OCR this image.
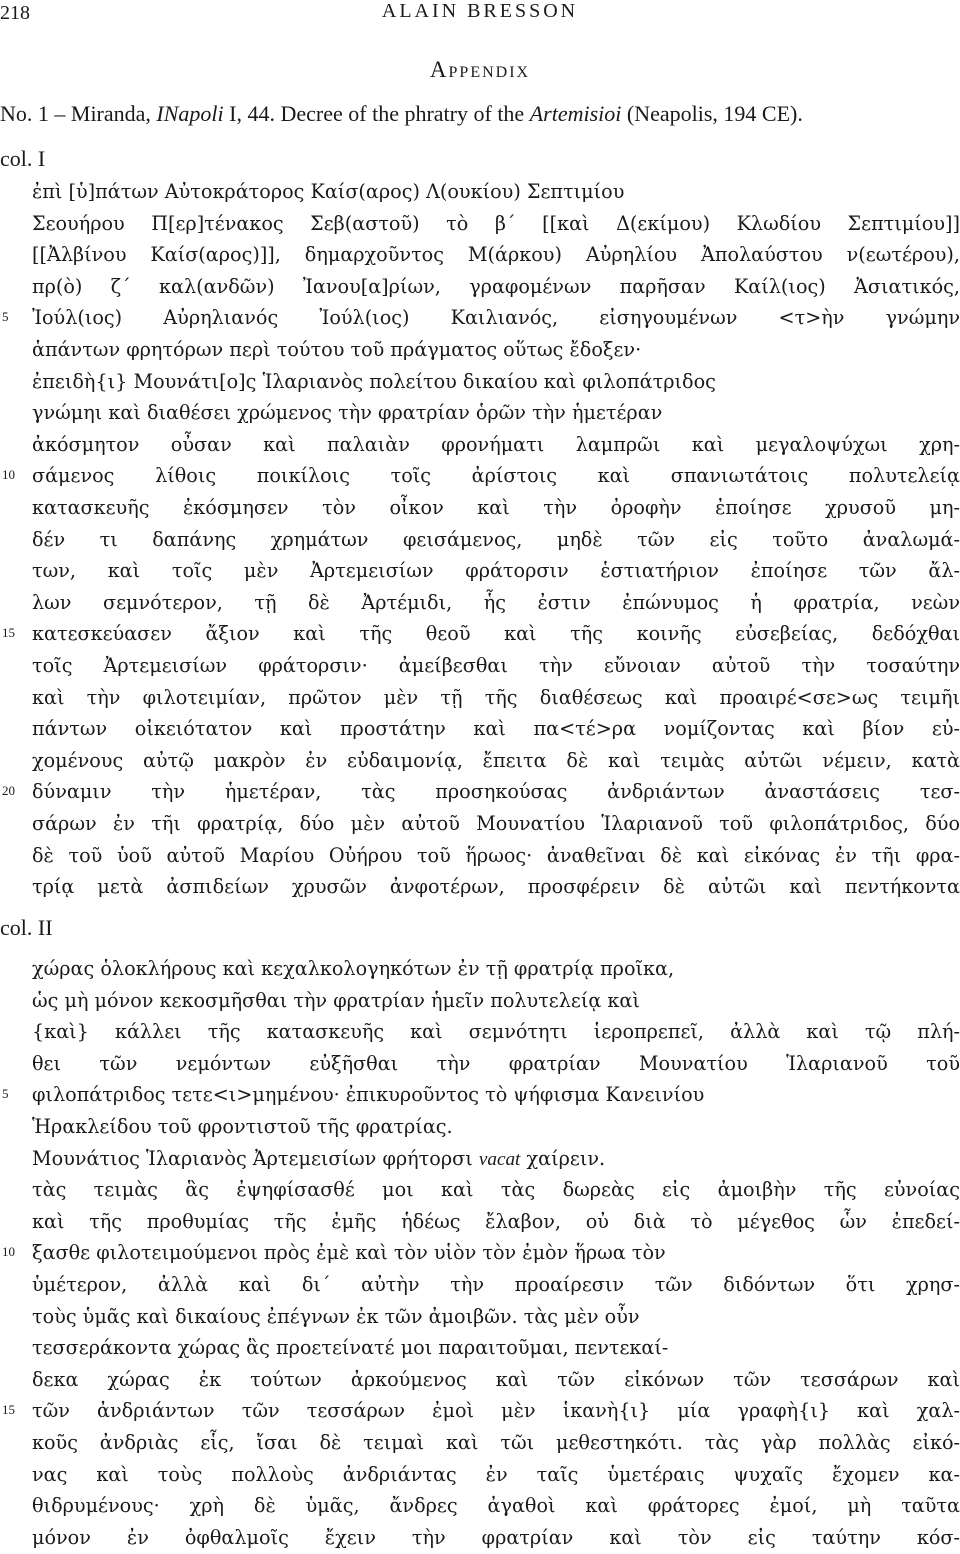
218	ALAIN BRESSON
Appendix
No. 1 – Miranda, INapoli I, 44. Decree of the phratry of the Artemisioi (Neapolis, 194 CE).
col. I
ἐπὶ [ὑ]πάτων Αὐτοκράτορος Καίσ(αρος) Λ(ουκίου) Σεπτιμίου
Σεουήρου Π[ερ]τένακος Σεβ(αστοῦ) τὸ β´ [[καὶ Δ(εκίμου) Κλωδίου Σεπτιμίου]]
[[Ἀλβίνου Καίσ(αρος)]], δημαρχοῦντος Μ(άρκου) Αὐρηλίου Ἀπολαύστου ν(εωτέρου),
πρ(ὸ) ζ´ καλ(ανδῶν) Ἰανου[α]ρίων, γραφομένων παρῆσαν Καίλ(ιος) Ἀσιατικός,
Ἰούλ(ιος) Αὐρηλιανός Ἰούλ(ιος) Καιλιανός, εἰσηγουμένων <τ>ὴν γνώμην
ἁπάντων φρητόρων περὶ τούτου τοῦ πράγματος οὕτως ἔδοξεν·
ἐπειδὴ{ι} Μουνάτι[ο]ς Ἱλαριανὸς πολείτου δικαίου καὶ φιλοπάτριδος
γνώμηι καὶ διαθέσει χρώμενος τὴν φρατρίαν ὁρῶν τὴν ἡμετέραν
ἀκόσμητον οὖσαν καὶ παλαιὰν φρονήματι λαμπρῶι καὶ μεγαλοψύχωι χρη-
σάμενος λίθοις ποικίλοις τοῖς ἀρίστοις καὶ σπανιωτάτοις πολυτελείᾳ
κατασκευῆς ἐκόσμησεν τὸν οἶκον καὶ τὴν ὀροφὴν ἐποίησε χρυσοῦ μη-
δέν τι δαπάνης χρημάτων φεισάμενος, μηδὲ τῶν εἰς τοῦτο ἀναλωμά-
των, καὶ τοῖς μὲν Ἀρτεμεισίων φράτορσιν ἑστιατήριον ἐποίησε τῶν ἄλ-
λων σεμνότερον, τῇ δὲ Ἀρτέμιδι, ἧς ἐστιν ἐπώνυμος ἡ φρατρία, νεὼν
κατεσκεύασεν ἄξιον καὶ τῆς θεοῦ καὶ τῆς κοινῆς εὐσεβείας, δεδόχθαι
τοῖς Ἀρτεμεισίων φράτορσιν· ἀμείβεσθαι τὴν εὔνοιαν αὐτοῦ τὴν τοσαύτην
καὶ τὴν φιλοτειμίαν, πρῶτον μὲν τῇ τῆς διαθέσεως καὶ προαιρέ<σε>ως τειμῆι
πάντων οἰκειότατον καὶ προστάτην καὶ πα<τέ>ρα νομίζοντας καὶ βίον εὐ-
χομένους αὐτῷ μακρὸν ἐν εὐδαιμονίᾳ, ἔπειτα δὲ καὶ τειμὰς αὐτῶι νέμειν, κατὰ
δύναμιν τὴν ἡμετέραν, τὰς προσηκούσας ἀνδριάντων ἀναστάσεις τεσ-
σάρων ἐν τῆι φρατρίᾳ, δύο μὲν αὐτοῦ Μουνατίου Ἱλαριανοῦ τοῦ φιλοπάτριδος, δύο
δὲ τοῦ ὑοῦ αὐτοῦ Μαρίου Οὐήρου τοῦ ἥρωος· ἀναθεῖναι δὲ καὶ εἰκόνας ἐν τῆι φρα-
τρίᾳ μετὰ ἀσπιδείων χρυσῶν ἀνφοτέρων, προσφέρειν δὲ αὐτῶι καὶ πεντήκοντα
5
10
15
20
col. II
χώρας ὁλοκλήρους καὶ κεχαλκολογηκότων ἐν τῇ φρατρίᾳ προῖκα,
ὡς μὴ μόνον κεκοσμῆσθαι τὴν φρατρίαν ἡμεῖν πολυτελείᾳ καὶ
{καὶ} κάλλει τῆς κατασκευῆς καὶ σεμνότητι ἱεροπρεπεῖ, ἀλλὰ καὶ τῷ πλή-
θει τῶν νεμόντων εὐξῆσθαι τὴν φρατρίαν Μουνατίου Ἱλαριανοῦ τοῦ
φιλοπάτριδος τετε<ι>μημένου· ἐπικυροῦντος τὸ ψήφισμα Κανεινίου
Ἡρακλείδου τοῦ φροντιστοῦ τῆς φρατρίας.
Μουνάτιος Ἱλαριανὸς Ἀρτεμεισίων φρήτορσι vacat χαίρειν.
τὰς τειμὰς ἃς ἐψηφίσασθέ μοι καὶ τὰς δωρεὰς εἰς ἀμοιβὴν τῆς εὐνοίας
καὶ τῆς προθυμίας τῆς ἐμῆς ἡδέως ἔλαβον, οὐ διὰ τὸ μέγεθος ὧν ἐπεδεί-
ξασθε φιλοτειμούμενοι πρὸς ἐμὲ καὶ τὸν υἱὸν τὸν ἐμὸν ἥρωα τὸν
ὑμέτερον, ἀλλὰ καὶ δι´ αὐτὴν τὴν προαίρεσιν τῶν διδόντων ὅτι χρησ-
τοὺς ὑμᾶς καὶ δικαίους ἐπέγνων ἐκ τῶν ἀμοιβῶν. τὰς μὲν οὖν
τεσσεράκοντα χώρας ἃς προετείνατέ μοι παραιτοῦμαι, πεντεκαί-
δεκα χώρας ἐκ τούτων ἀρκούμενος καὶ τῶν εἰκόνων τῶν τεσσάρων καὶ
τῶν ἀνδριάντων τῶν τεσσάρων ἐμοὶ μὲν ἱκανὴ{ι} μία γραφὴ{ι} καὶ χαλ-
κοῦς ἀνδριὰς εἷς, ἴσαι δὲ τειμαὶ καὶ τῶι μεθεστηκότι. τὰς γὰρ πολλὰς εἰκό-
νας καὶ τοὺς πολλοὺς ἀνδριάντας ἐν ταῖς ὑμετέραις ψυχαῖς ἔχομεν κα-
θιδρυμένους· χρὴ δὲ ὑμᾶς, ἄνδρες ἀγαθοὶ καὶ φράτορες ἐμοί, μὴ ταῦτα
μόνον ἐν ὀφθαλμοῖς ἔχειν τὴν φρατρίαν καὶ τὸν εἰς ταύτην κόσ-
5
10
15
